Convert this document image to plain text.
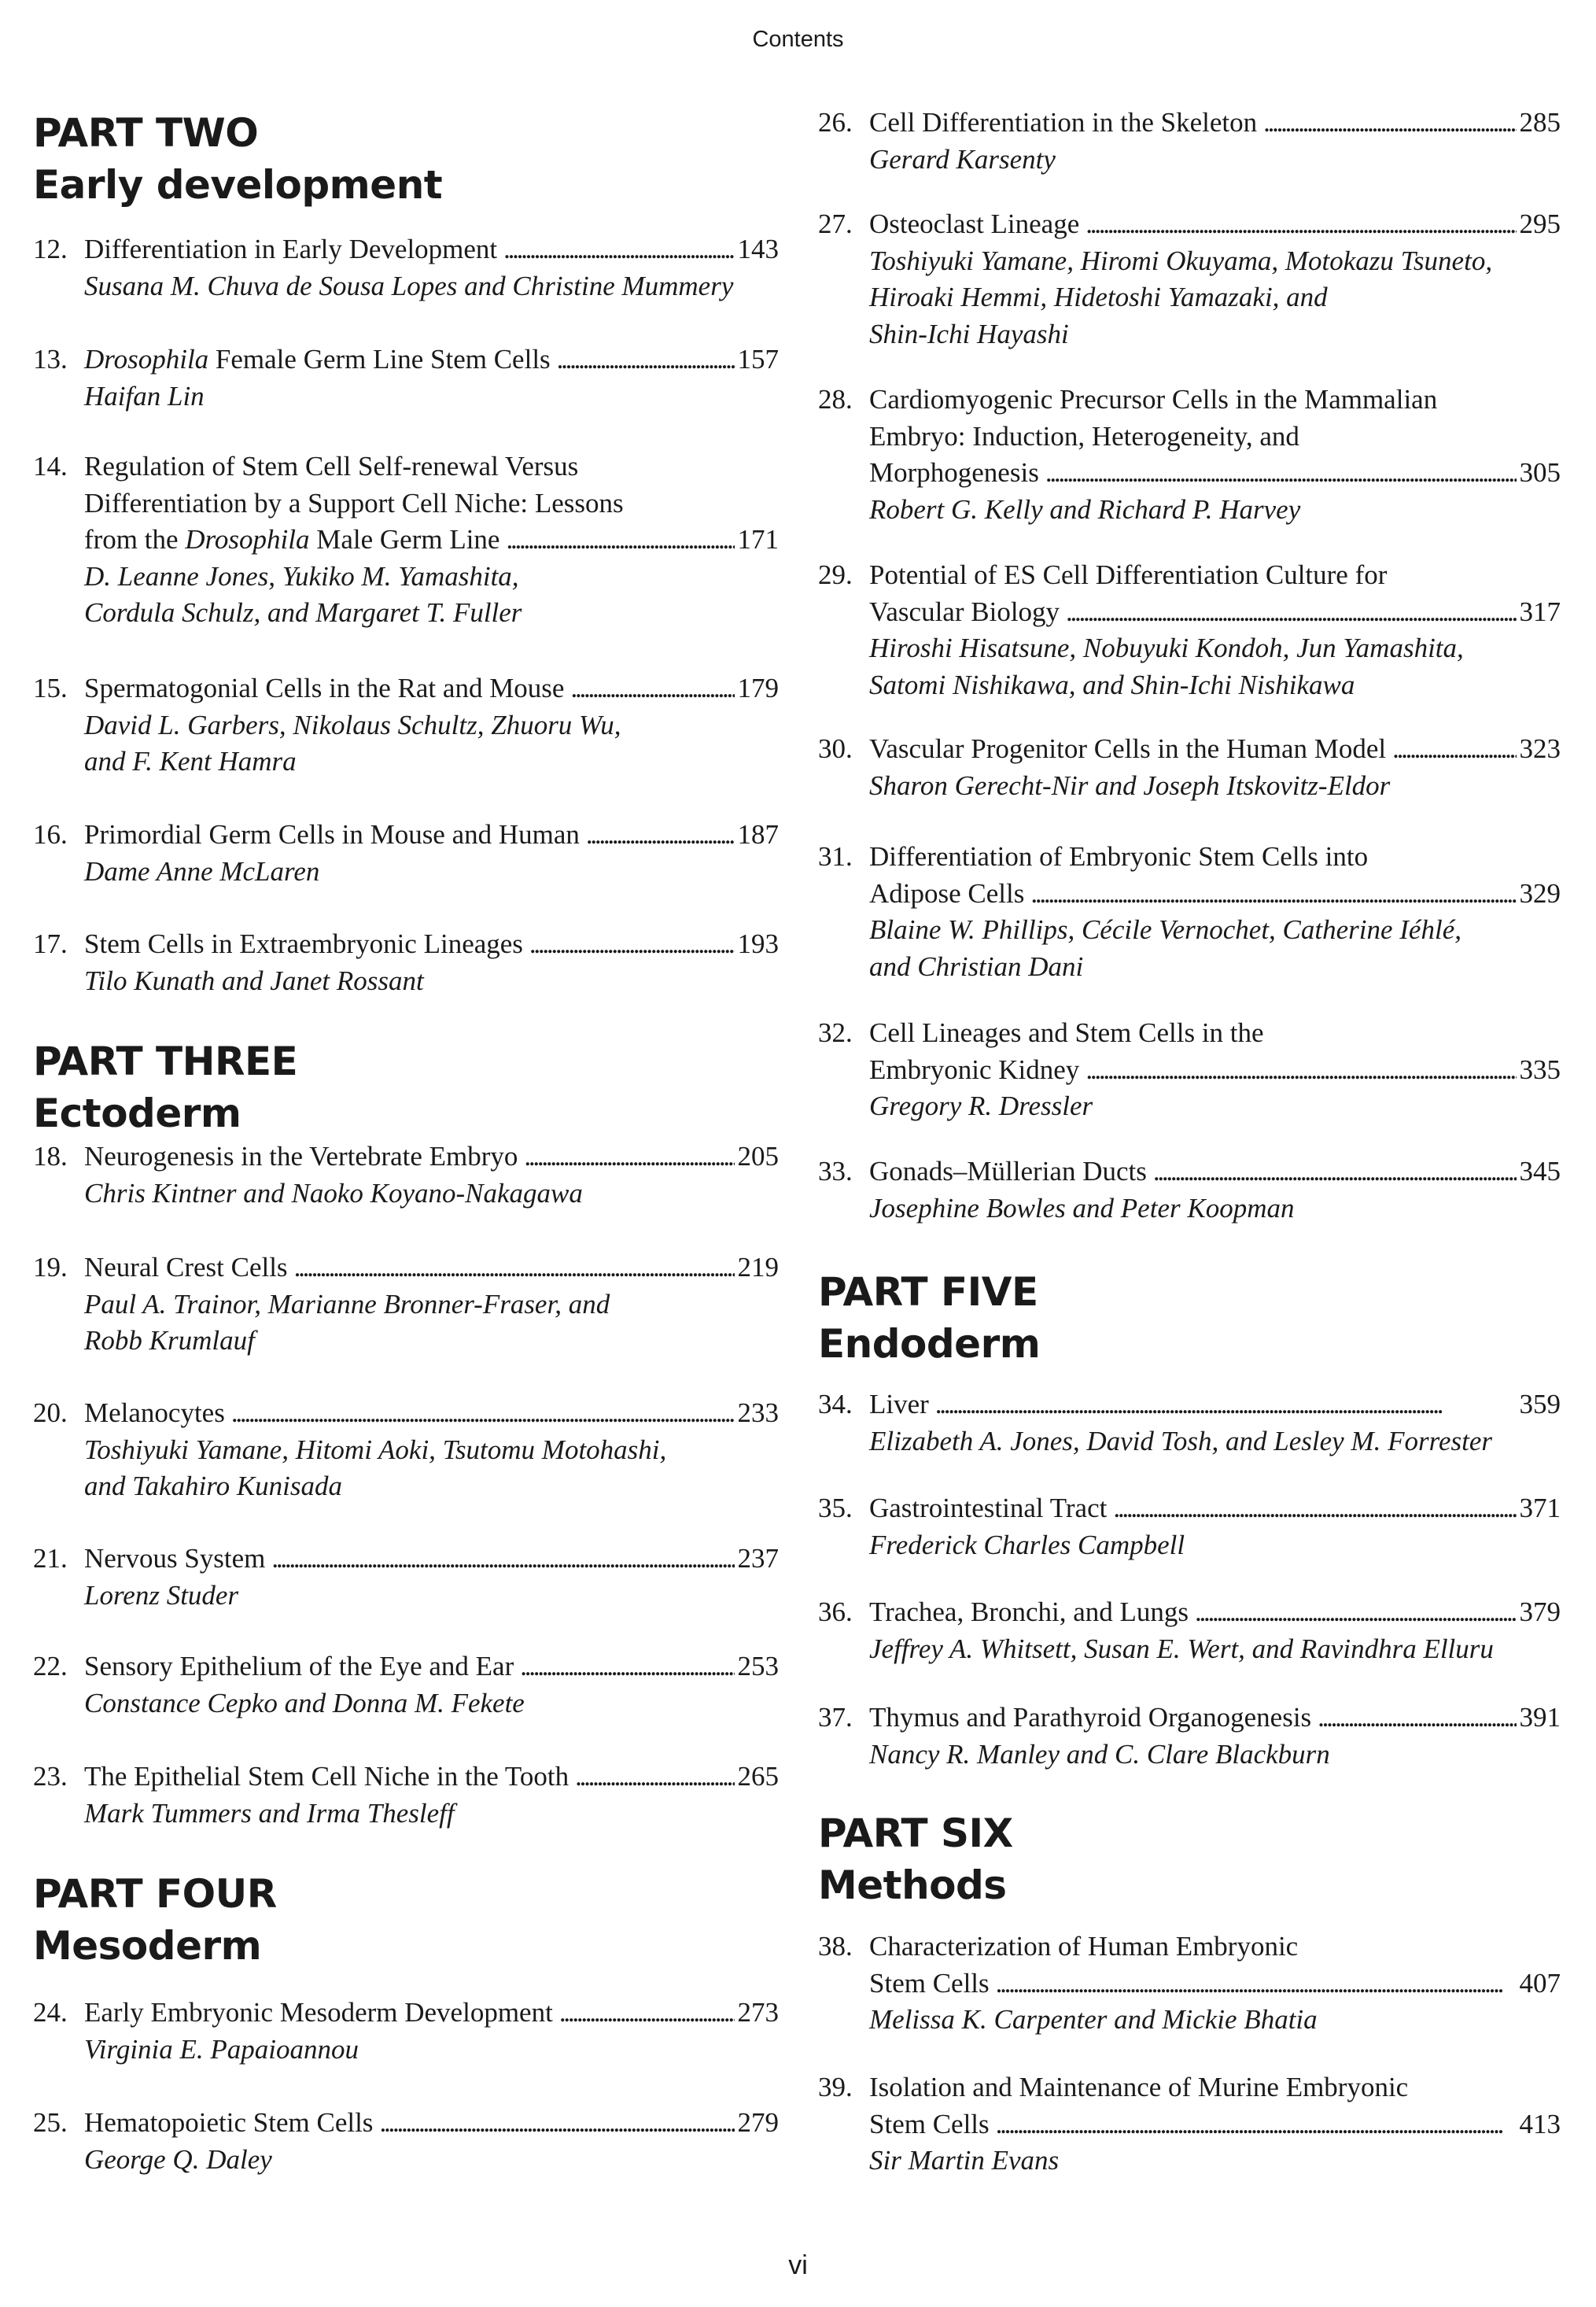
Contents
PART TWO
Early development
12. Differentiation in Early Development . . .	143
Susana M. Chuva de Sousa Lopes and Christine Mummery
13. Drosophila Female Germ Line Stem Cells . . .	157
Haifan Lin
14. Regulation of Stem Cell Self-renewal Versus
Differentiation by a Support Cell Niche: Lessons
from the Drosophila Male Germ Line . . .	171
D. Leanne Jones, Yukiko M. Yamashita,
Cordula Schulz, and Margaret T. Fuller
15. Spermatogonial Cells in the Rat and Mouse . . .	179
David L. Garbers, Nikolaus Schultz, Zhuoru Wu,
and F. Kent Hamra
16. Primordial Germ Cells in Mouse and Human . . .	187
Dame Anne McLaren
17. Stem Cells in Extraembryonic Lineages . . .	193
Tilo Kunath and Janet Rossant
PART THREE
Ectoderm
18. Neurogenesis in the Vertebrate Embryo . . .	205
Chris Kintner and Naoko Koyano-Nakagawa
19. Neural Crest Cells . . .	219
Paul A. Trainor, Marianne Bronner-Fraser, and
Robb Krumlauf
20. Melanocytes . . .	233
Toshiyuki Yamane, Hitomi Aoki, Tsutomu Motohashi,
and Takahiro Kunisada
21. Nervous System . . .	237
Lorenz Studer
22. Sensory Epithelium of the Eye and Ear . . .	253
Constance Cepko and Donna M. Fekete
23. The Epithelial Stem Cell Niche in the Tooth . . .	265
Mark Tummers and Irma Thesleff
PART FOUR
Mesoderm
24. Early Embryonic Mesoderm Development . . .	273
Virginia E. Papaioannou
25. Hematopoietic Stem Cells . . .	279
George Q. Daley
26. Cell Differentiation in the Skeleton . . .	285
Gerard Karsenty
27. Osteoclast Lineage . . .	295
Toshiyuki Yamane, Hiromi Okuyama, Motokazu Tsuneto,
Hiroaki Hemmi, Hidetoshi Yamazaki, and
Shin-Ichi Hayashi
28. Cardiomyogenic Precursor Cells in the Mammalian
Embryo: Induction, Heterogeneity, and
Morphogenesis . . .	305
Robert G. Kelly and Richard P. Harvey
29. Potential of ES Cell Differentiation Culture for
Vascular Biology . . .	317
Hiroshi Hisatsune, Nobuyuki Kondoh, Jun Yamashita,
Satomi Nishikawa, and Shin-Ichi Nishikawa
30. Vascular Progenitor Cells in the Human Model . . .	323
Sharon Gerecht-Nir and Joseph Itskovitz-Eldor
31. Differentiation of Embryonic Stem Cells into
Adipose Cells . . .	329
Blaine W. Phillips, Cécile Vernochet, Catherine Iéhlé,
and Christian Dani
32. Cell Lineages and Stem Cells in the
Embryonic Kidney . . .	335
Gregory R. Dressler
33. Gonads–Müllerian Ducts . . .	345
Josephine Bowles and Peter Koopman
PART FIVE
Endoderm
34. Liver . . .	359
Elizabeth A. Jones, David Tosh, and Lesley M. Forrester
35. Gastrointestinal Tract . . .	371
Frederick Charles Campbell
36. Trachea, Bronchi, and Lungs . . .	379
Jeffrey A. Whitsett, Susan E. Wert, and Ravindhra Elluru
37. Thymus and Parathyroid Organogenesis . . .	391
Nancy R. Manley and C. Clare Blackburn
PART SIX
Methods
38. Characterization of Human Embryonic
Stem Cells . . .	407
Melissa K. Carpenter and Mickie Bhatia
39. Isolation and Maintenance of Murine Embryonic
Stem Cells . . .	413
Sir Martin Evans
vi
